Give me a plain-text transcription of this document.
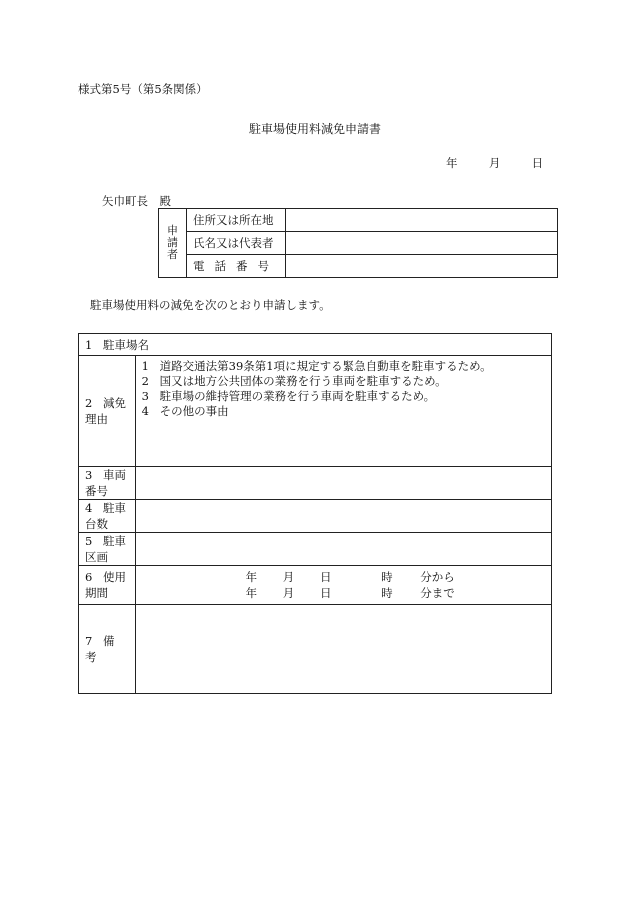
様式第5号（第5条関係）
駐車場使用料減免申請書
年	月	日
矢巾町長　殿
申
請
者	住所又は所在地	
	氏名又は代表者	
	電話番号	
駐車場使用料の減免を次のとおり申請します。
1 駐車場名	
2 減免理由	1 道路交通法第39条第1項に規定する緊急自動車を駐車するため。
2 国又は地方公共団体の業務を行う車両を駐車するため。
3 駐車場の維持管理の業務を行う車両を駐車するため。
4 その他の事由

3 車両番号	
4 駐車台数	
5 駐車区画	
6 使用期間	年 月 日 時 分から
年 月 日 時 分まで

7 備　　考	
